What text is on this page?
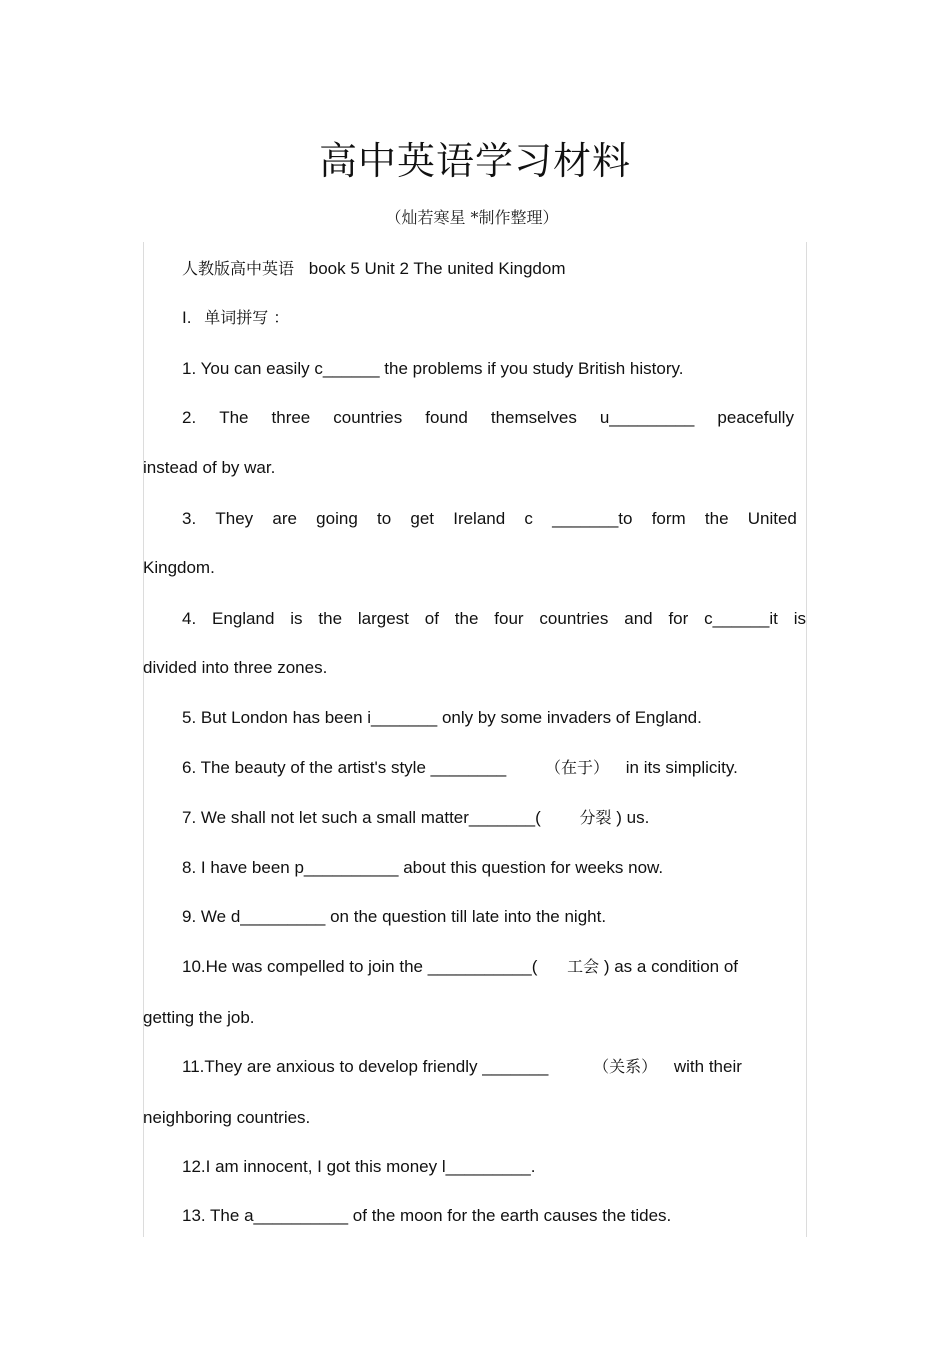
高中英语学习材料
（灿若寒星 *制作整理）
人教版高中英语 book 5 Unit 2 The united Kingdom
I. 单词拼写 ：
1. You can easily c______ the problems if you study British history.
2. The three countries found themselves u_________ peacefully
instead of by war.
3. They are going to get Ireland c _______to form the United
Kingdom.
4. England is the largest of the four countries and for c______it is
divided into three zones.
5. But London has been i_______ only by some invaders of England.
6. The beauty of the artist's style ________ （在于） in its simplicity.
7. We shall not let such a small matter_______( 分裂 ) us.
8. I have been p__________ about this question for weeks now.
9. We d_________ on the question till late into the night.
10.He was compelled to join the ___________( 工会 ) as a condition of
getting the job.
11.They are anxious to develop friendly _______	（关系） with their
neighboring countries.
12.I am innocent, I got this money l_________.
13. The a__________ of the moon for the earth causes the tides.
